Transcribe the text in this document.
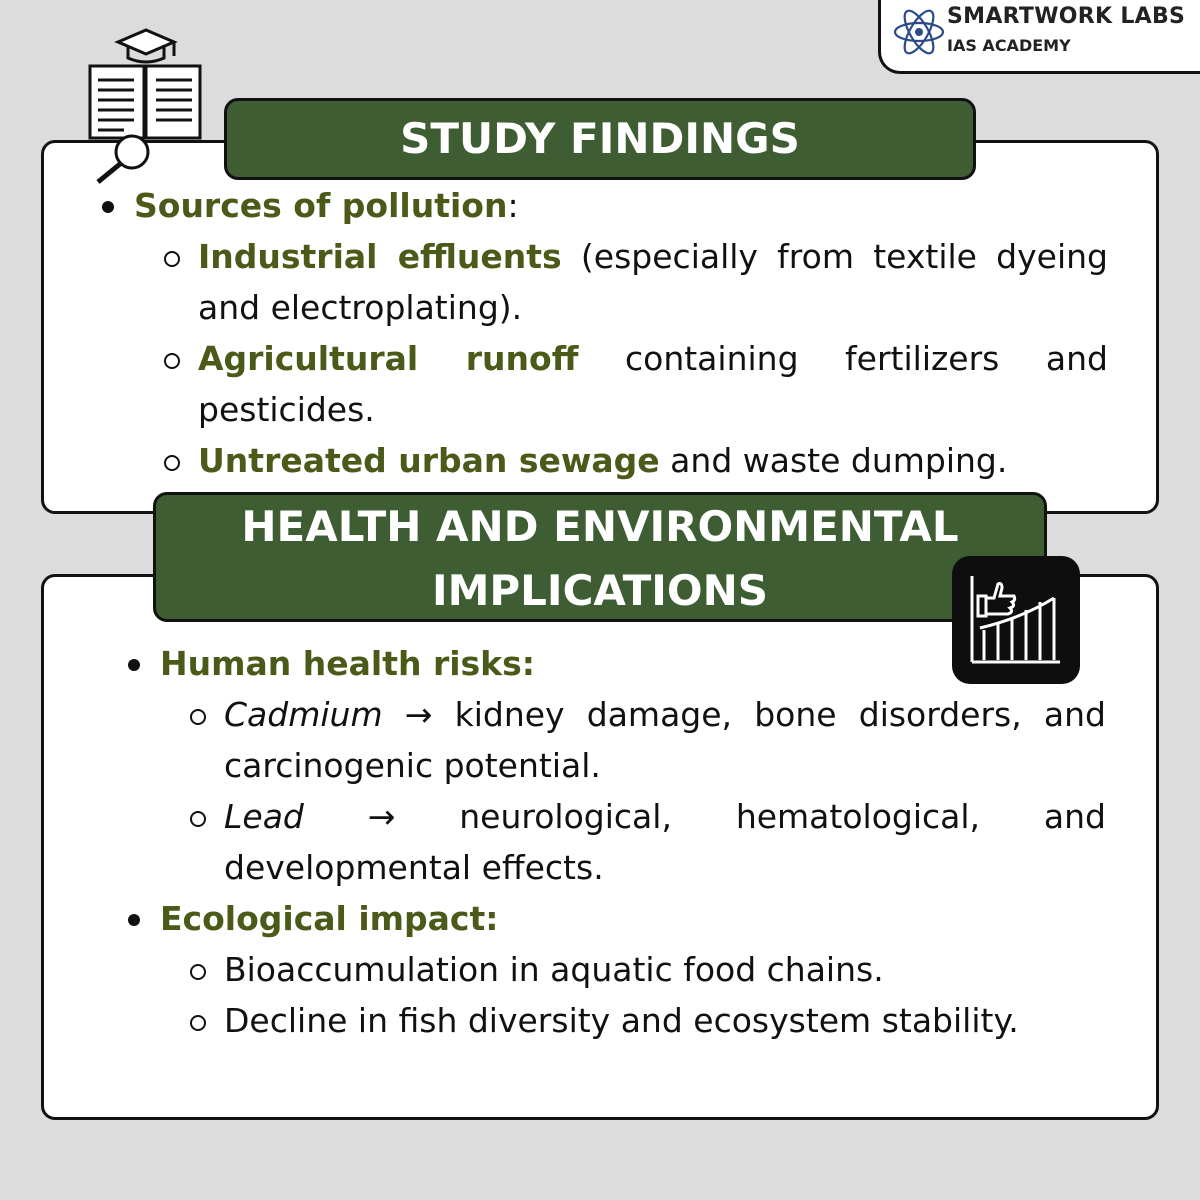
SMARTWORK LABS
IAS ACADEMY
STUDY FINDINGS
Sources of pollution:
Industrial effluents (especially from textile dyeing and electroplating).
Agricultural runoff containing fertilizers and pesticides.
Untreated urban sewage and waste dumping.
HEALTH AND ENVIRONMENTAL
IMPLICATIONS
Human health risks:
Cadmium → kidney damage, bone disorders, and carcinogenic potential.
Lead → neurological, hematological, and developmental effects.
Ecological impact:
Bioaccumulation in aquatic food chains.
Decline in fish diversity and ecosystem stability.
